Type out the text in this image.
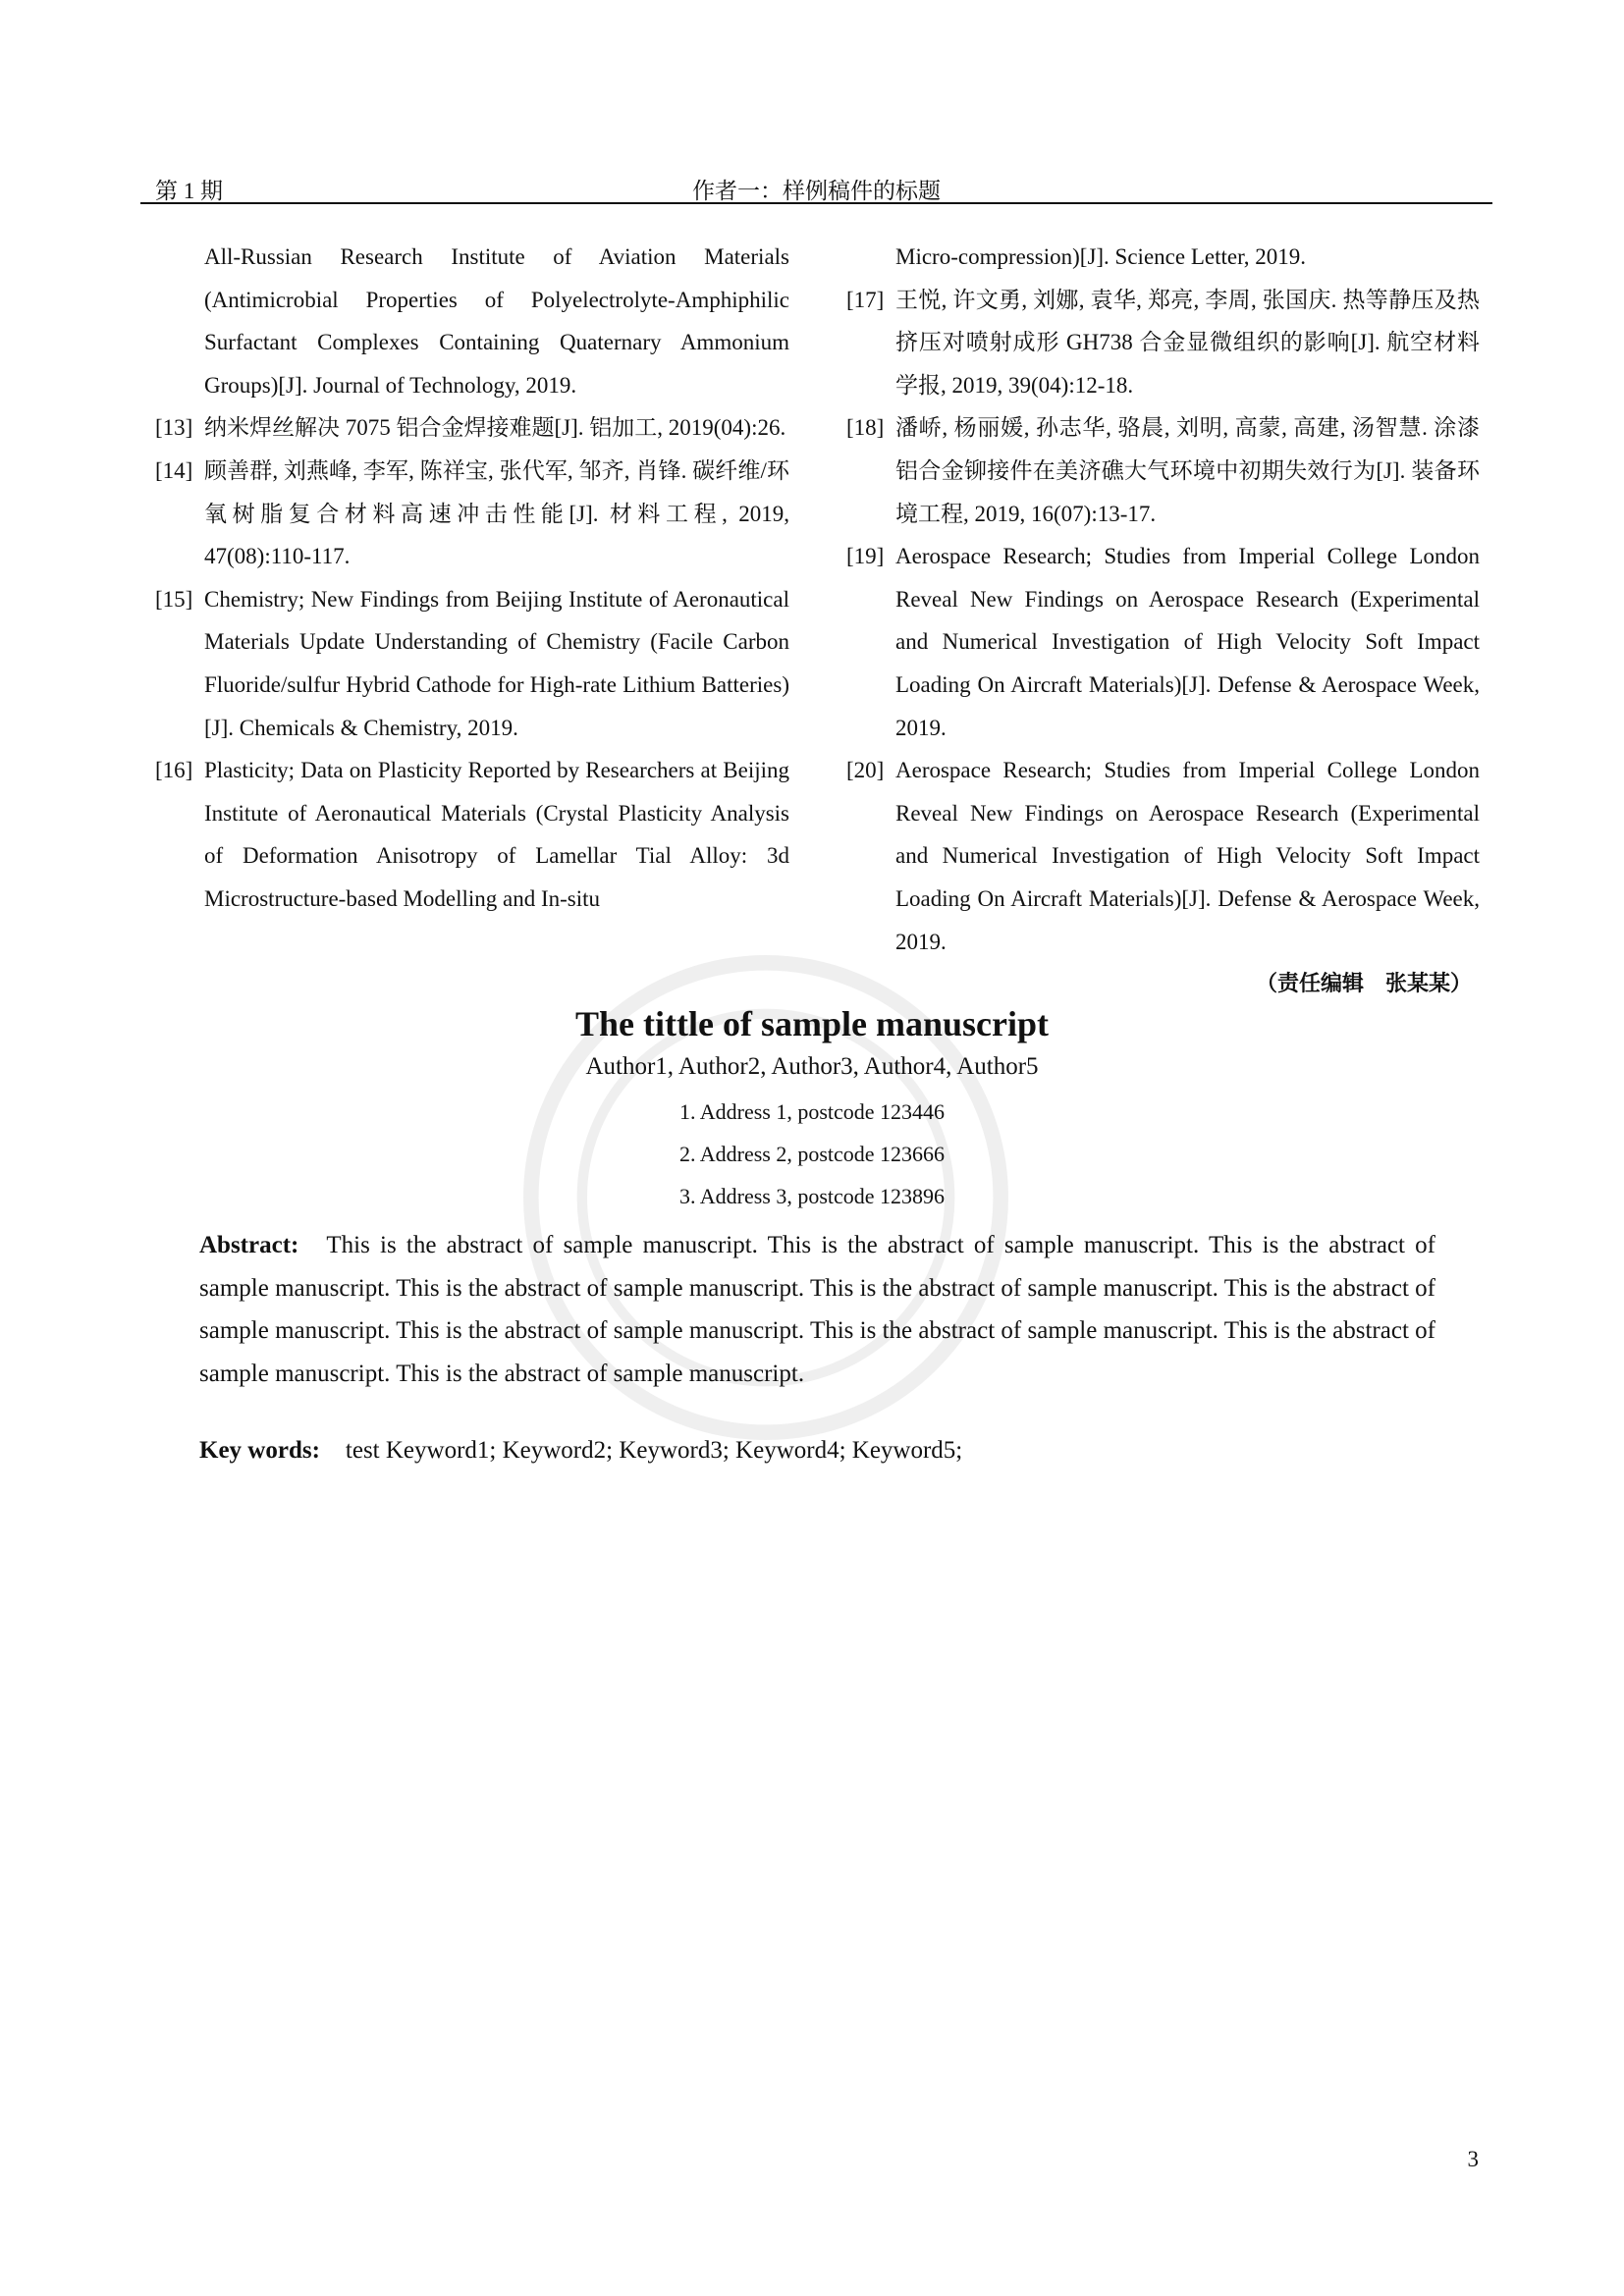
第 1 期	作者一：样例稿件的标题
All-Russian Research Institute of Aviation Materials (Antimicrobial Properties of Polyelectrolyte-Amphiphilic Surfactant Complexes Containing Quaternary Ammonium Groups)[J]. Journal of Technology, 2019.
[13] 纳米焊丝解决 7075 铝合金焊接难题[J]. 铝加工, 2019(04):26.
[14] 顾善群, 刘燕峰, 李军, 陈祥宝, 张代军, 邹齐, 肖锋. 碳纤维/环氧树脂复合材料高速冲击性能[J]. 材料工程, 2019, 47(08):110-117.
[15] Chemistry; New Findings from Beijing Institute of Aeronautical Materials Update Understanding of Chemistry (Facile Carbon Fluoride/sulfur Hybrid Cathode for High-rate Lithium Batteries)[J]. Chemicals & Chemistry, 2019.
[16] Plasticity; Data on Plasticity Reported by Researchers at Beijing Institute of Aeronautical Materials (Crystal Plasticity Analysis of Deformation Anisotropy of Lamellar Tial Alloy: 3d Microstructure-based Modelling and In-situ
Micro-compression)[J]. Science Letter, 2019.
[17] 王悦, 许文勇, 刘娜, 袁华, 郑亮, 李周, 张国庆. 热等静压及热挤压对喷射成形 GH738 合金显微组织的影响[J]. 航空材料学报, 2019, 39(04):12-18.
[18] 潘峤, 杨丽媛, 孙志华, 骆晨, 刘明, 高蒙, 高建, 汤智慧. 涂漆铝合金铆接件在美济礁大气环境中初期失效行为[J]. 装备环境工程, 2019, 16(07):13-17.
[19] Aerospace Research; Studies from Imperial College London Reveal New Findings on Aerospace Research (Experimental and Numerical Investigation of High Velocity Soft Impact Loading On Aircraft Materials)[J]. Defense & Aerospace Week, 2019.
[20] Aerospace Research; Studies from Imperial College London Reveal New Findings on Aerospace Research (Experimental and Numerical Investigation of High Velocity Soft Impact Loading On Aircraft Materials)[J]. Defense & Aerospace Week, 2019.
（责任编辑　张某某）
The tittle of sample manuscript
Author1, Author2, Author3, Author4, Author5
1. Address 1, postcode 123446
2. Address 2, postcode 123666
3. Address 3, postcode 123896
Abstract: This is the abstract of sample manuscript. This is the abstract of sample manuscript. This is the abstract of sample manuscript. This is the abstract of sample manuscript. This is the abstract of sample manuscript. This is the abstract of sample manuscript. This is the abstract of sample manuscript. This is the abstract of sample manuscript. This is the abstract of sample manuscript. This is the abstract of sample manuscript.
Key words: test Keyword1; Keyword2; Keyword3; Keyword4; Keyword5;
3
